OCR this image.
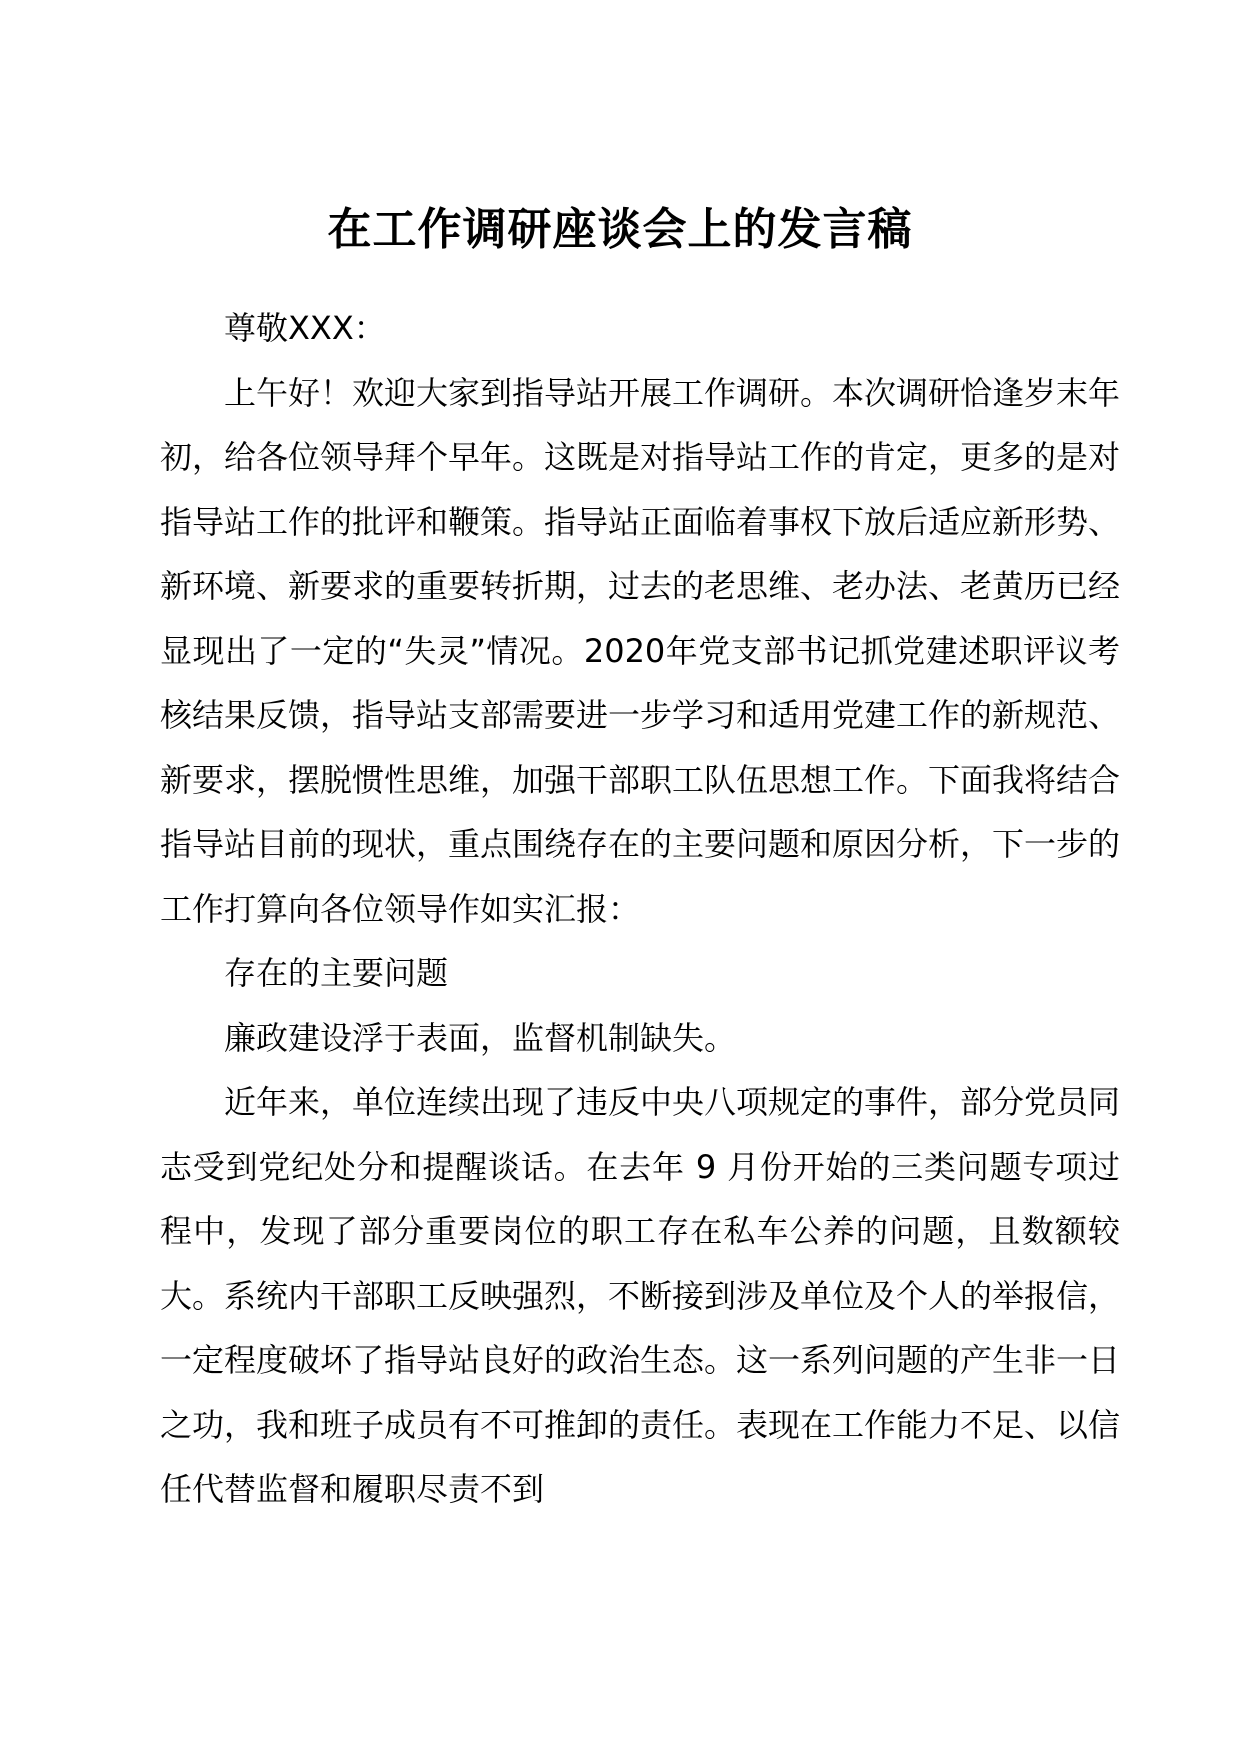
在工作调研座谈会上的发言稿

尊敬XXX：

上午好！欢迎大家到指导站开展工作调研。本次调研恰逢岁末年初，给各位领导拜个早年。这既是对指导站工作的肯定，更多的是对指导站工作的批评和鞭策。指导站正面临着事权下放后适应新形势、新环境、新要求的重要转折期，过去的老思维、老办法、老黄历已经显现出了一定的“失灵”情况。2020年党支部书记抓党建述职评议考核结果反馈，指导站支部需要进一步学习和适用党建工作的新规范、新要求，摆脱惯性思维，加强干部职工队伍思想工作。下面我将结合指导站目前的现状，重点围绕存在的主要问题和原因分析，下一步的工作打算向各位领导作如实汇报：

存在的主要问题

廉政建设浮于表面，监督机制缺失。

近年来，单位连续出现了违反中央八项规定的事件，部分党员同志受到党纪处分和提醒谈话。在去年 9 月份开始的三类问题专项过程中，发现了部分重要岗位的职工存在私车公养的问题，且数额较大。系统内干部职工反映强烈，不断接到涉及单位及个人的举报信，一定程度破坏了指导站良好的政治生态。这一系列问题的产生非一日之功，我和班子成员有不可推卸的责任。表现在工作能力不足、以信任代替监督和履职尽责不到
